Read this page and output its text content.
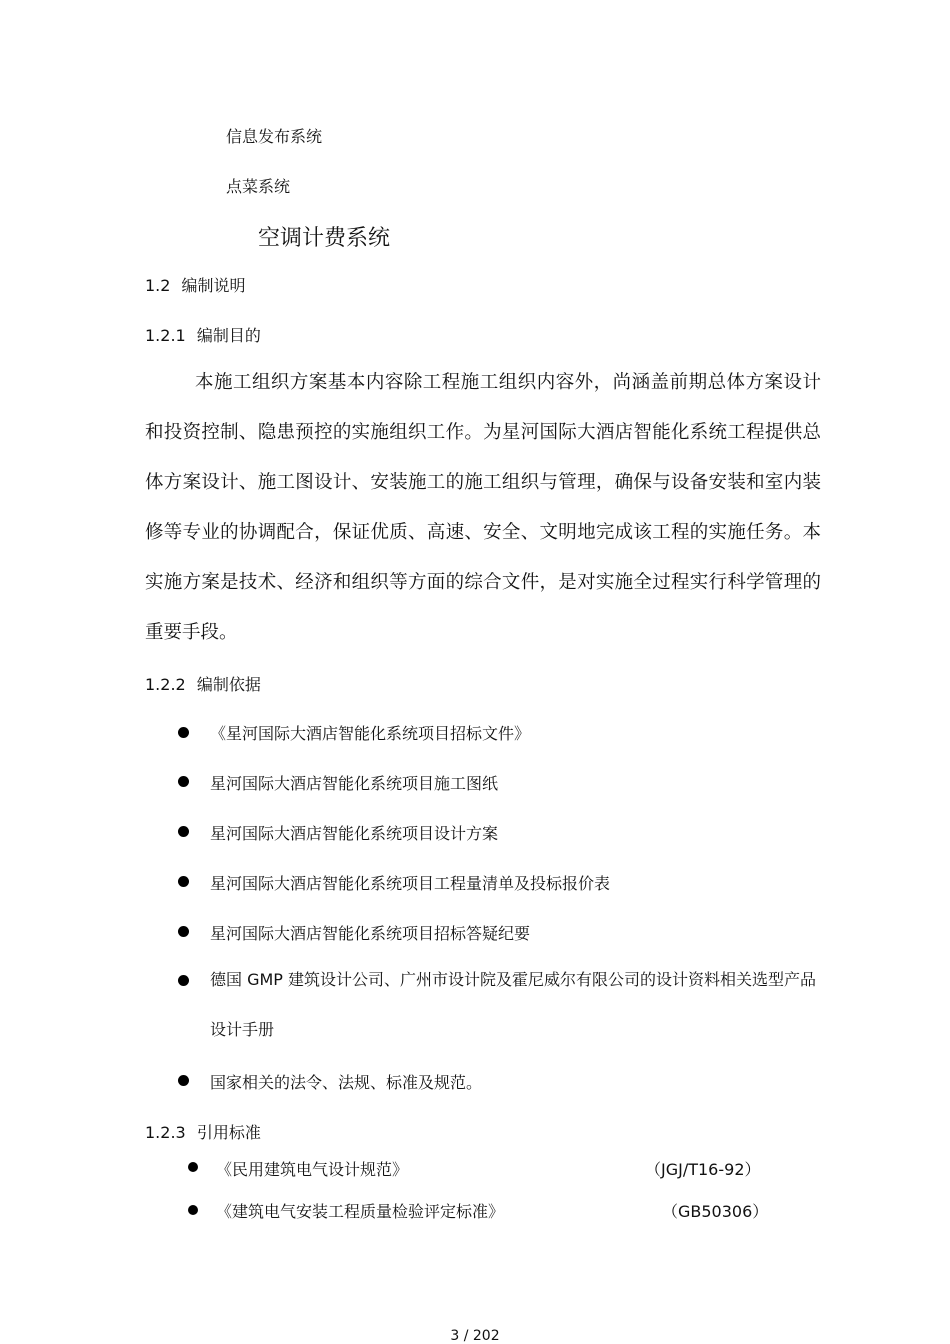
信息发布系统
点菜系统
空调计费系统
1.2 编制说明
1.2.1 编制目的

本施工组织方案基本内容除工程施工组织内容外，尚涵盖前期总体方案设计和投资控制、隐患预控的实施组织工作。为星河国际大酒店智能化系统工程提供总体方案设计、施工图设计、安装施工的施工组织与管理，确保与设备安装和室内装修等专业的协调配合，保证优质、高速、安全、文明地完成该工程的实施任务。本实施方案是技术、经济和组织等方面的综合文件，是对实施全过程实行科学管理的重要手段。

1.2.2 编制依据
《星河国际大酒店智能化系统项目招标文件》
星河国际大酒店智能化系统项目施工图纸
星河国际大酒店智能化系统项目设计方案
星河国际大酒店智能化系统项目工程量清单及投标报价表
星河国际大酒店智能化系统项目招标答疑纪要
德国 GMP 建筑设计公司、广州市设计院及霍尼威尔有限公司的设计资料相关选型产品设计手册
国家相关的法令、法规、标准及规范。
1.2.3 引用标准
《民用建筑电气设计规范》	（JGJ/T16-92）
《建筑电气安装工程质量检验评定标准》	（GB50306）
3 / 202
